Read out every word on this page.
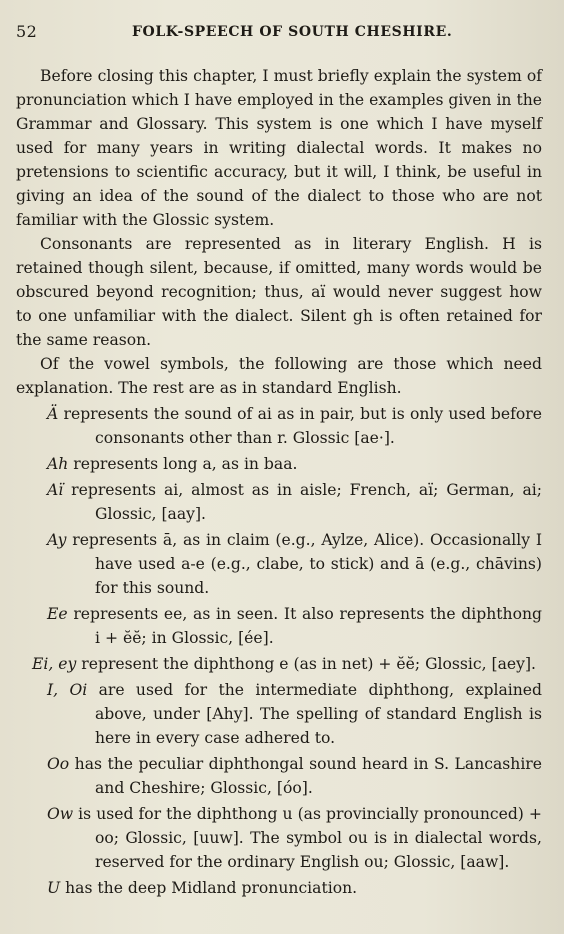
52	FOLK-SPEECH OF SOUTH CHESHIRE.

Before closing this chapter, I must briefly explain the system of pronunciation which I have employed in the examples given in the Grammar and Glossary. This system is one which I have myself used for many years in writing dialectal words. It makes no pretensions to scientific accuracy, but it will, I think, be useful in giving an idea of the sound of the dialect to those who are not familiar with the Glossic system.

Consonants are represented as in literary English. H is retained though silent, because, if omitted, many words would be obscured beyond recognition; thus, aï would never suggest how to one unfamiliar with the dialect. Silent gh is often retained for the same reason.

Of the vowel symbols, the following are those which need explanation. The rest are as in standard English.

Ä represents the sound of ai as in pair, but is only used before consonants other than r. Glossic [ae·].

Ah represents long a, as in baa.

Aï represents ai, almost as in aisle; French, aï; German, ai; Glossic, [aay].

Ay represents ā, as in claim (e.g., Aylze, Alice). Occasionally I have used a-e (e.g., clabe, to stick) and ā (e.g., chāvins) for this sound.

Ee represents ee, as in seen. It also represents the diphthong i + ĕĕ; in Glossic, [ée].

Ei, ey represent the diphthong e (as in net) + ĕĕ; Glossic, [aey].

I, Oi are used for the intermediate diphthong, explained above, under [Ahy]. The spelling of standard English is here in every case adhered to.

Oo has the peculiar diphthongal sound heard in S. Lancashire and Cheshire; Glossic, [óo].

Ow is used for the diphthong u (as provincially pronounced) + oo; Glossic, [uuw]. The symbol ou is in dialectal words, reserved for the ordinary English ou; Glossic, [aaw].

U has the deep Midland pronunciation.
